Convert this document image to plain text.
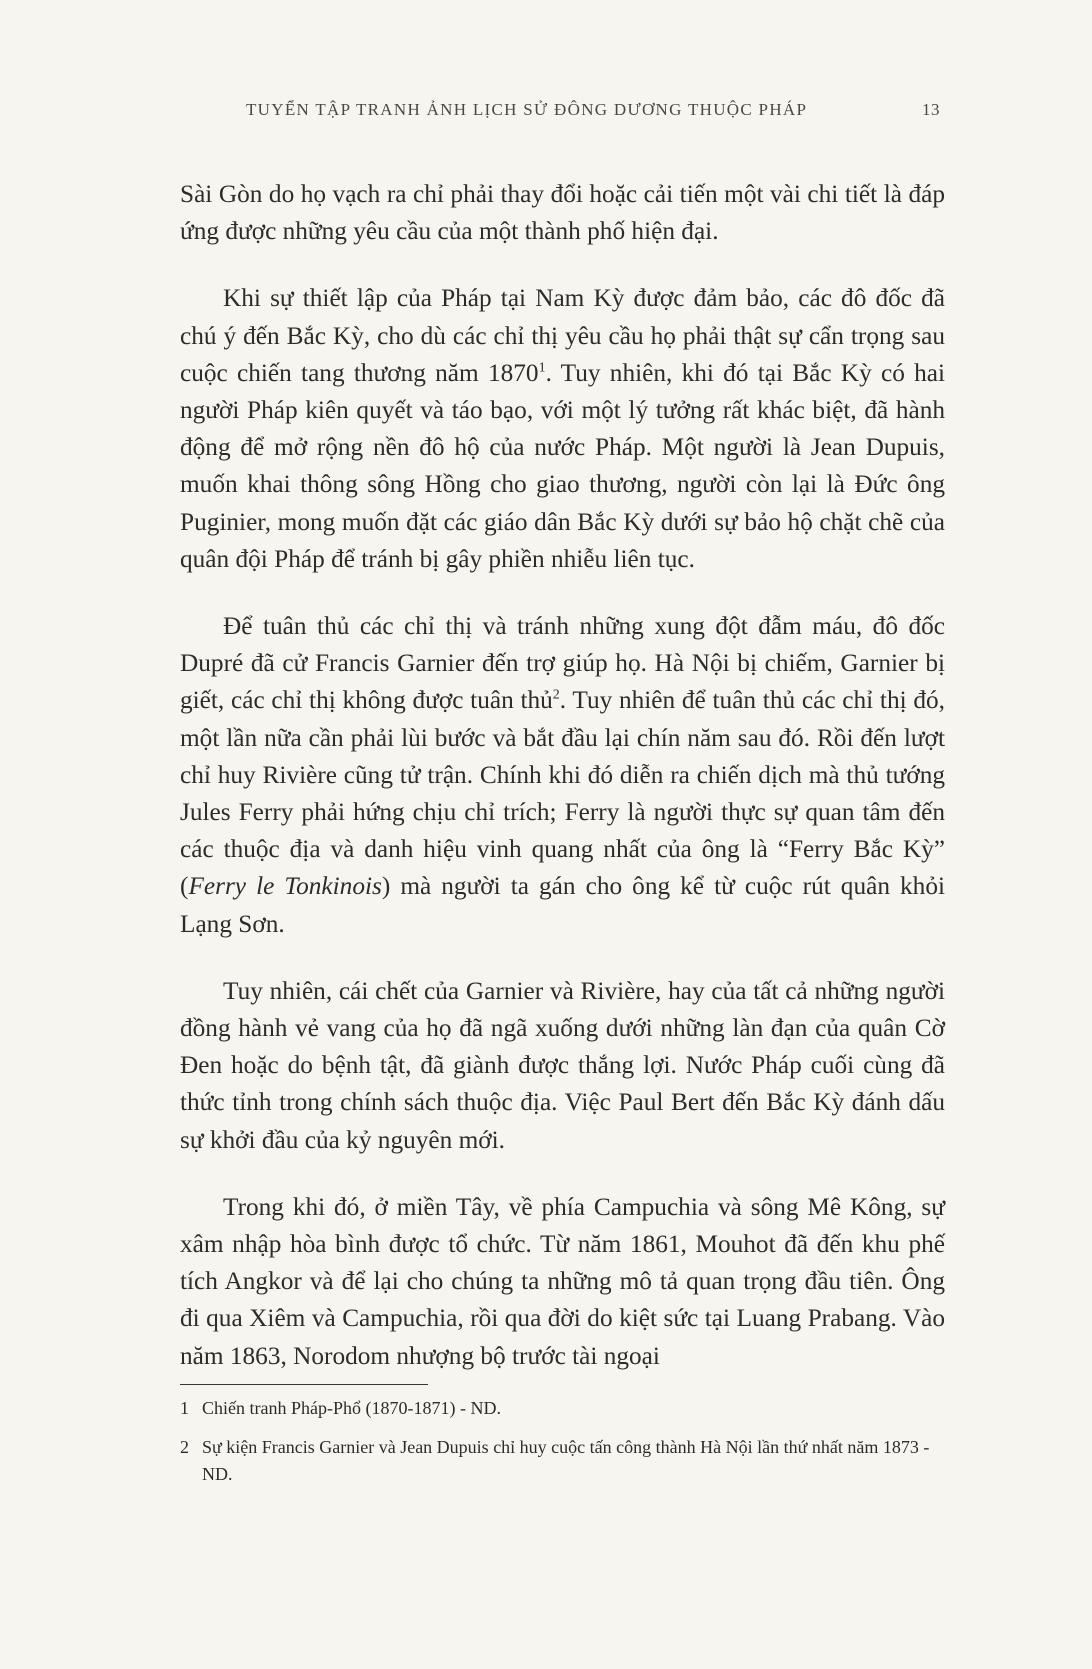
TUYỂN TẬP TRANH ẢNH LỊCH SỬ ĐÔNG DƯƠNG THUỘC PHÁP	13

Sài Gòn do họ vạch ra chỉ phải thay đổi hoặc cải tiến một vài chi tiết là đáp ứng được những yêu cầu của một thành phố hiện đại.

Khi sự thiết lập của Pháp tại Nam Kỳ được đảm bảo, các đô đốc đã chú ý đến Bắc Kỳ, cho dù các chỉ thị yêu cầu họ phải thật sự cẩn trọng sau cuộc chiến tang thương năm 1870$^1$. Tuy nhiên, khi đó tại Bắc Kỳ có hai người Pháp kiên quyết và táo bạo, với một lý tưởng rất khác biệt, đã hành động để mở rộng nền đô hộ của nước Pháp. Một người là Jean Dupuis, muốn khai thông sông Hồng cho giao thương, người còn lại là Đức ông Puginier, mong muốn đặt các giáo dân Bắc Kỳ dưới sự bảo hộ chặt chẽ của quân đội Pháp để tránh bị gây phiền nhiễu liên tục.

Để tuân thủ các chỉ thị và tránh những xung đột đẫm máu, đô đốc Dupré đã cử Francis Garnier đến trợ giúp họ. Hà Nội bị chiếm, Garnier bị giết, các chỉ thị không được tuân thủ$^2$. Tuy nhiên để tuân thủ các chỉ thị đó, một lần nữa cần phải lùi bước và bắt đầu lại chín năm sau đó. Rồi đến lượt chỉ huy Rivière cũng tử trận. Chính khi đó diễn ra chiến dịch mà thủ tướng Jules Ferry phải hứng chịu chỉ trích; Ferry là người thực sự quan tâm đến các thuộc địa và danh hiệu vinh quang nhất của ông là “Ferry Bắc Kỳ” (Ferry le Tonkinois) mà người ta gán cho ông kể từ cuộc rút quân khỏi Lạng Sơn.

Tuy nhiên, cái chết của Garnier và Rivière, hay của tất cả những người đồng hành vẻ vang của họ đã ngã xuống dưới những làn đạn của quân Cờ Đen hoặc do bệnh tật, đã giành được thắng lợi. Nước Pháp cuối cùng đã thức tỉnh trong chính sách thuộc địa. Việc Paul Bert đến Bắc Kỳ đánh dấu sự khởi đầu của kỷ nguyên mới.

Trong khi đó, ở miền Tây, về phía Campuchia và sông Mê Kông, sự xâm nhập hòa bình được tổ chức. Từ năm 1861, Mouhot đã đến khu phế tích Angkor và để lại cho chúng ta những mô tả quan trọng đầu tiên. Ông đi qua Xiêm và Campuchia, rồi qua đời do kiệt sức tại Luang Prabang. Vào năm 1863, Norodom nhượng bộ trước tài ngoại

1 Chiến tranh Pháp-Phổ (1870-1871) - ND.
2 Sự kiện Francis Garnier và Jean Dupuis chỉ huy cuộc tấn công thành Hà Nội lần thứ nhất năm 1873 - ND.
